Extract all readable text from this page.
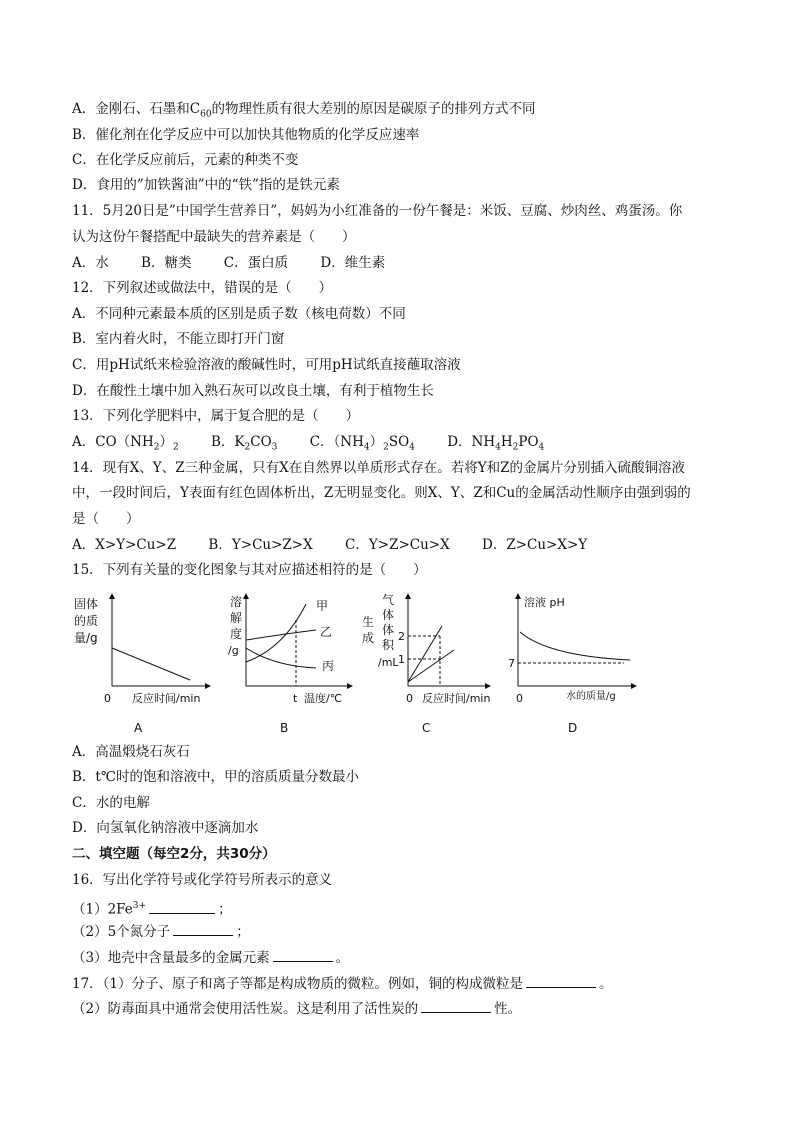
A．金刚石、石墨和$C_{60}$的物理性质有很大差别的原因是碳原子的排列方式不同
B．催化剂在化学反应中可以加快其他物质的化学反应速率
C．在化学反应前后，元素的种类不变
D．食用的”加铁酱油”中的“铁”指的是铁元素
11．5月20日是”中国学生营养日”，妈妈为小红准备的一份午餐是：米饭、豆腐、炒肉丝、鸡蛋汤。你
认为这份午餐搭配中最缺失的营养素是（　　）
A．水 B．糖类 C．蛋白质 D．维生素
12．下列叙述或做法中，错误的是（　　）
A．不同种元素最本质的区别是质子数（核电荷数）不同
B．室内着火时，不能立即打开门窗
C．用pH试纸来检验溶液的酸碱性时，可用pH试纸直接蘸取溶液
D．在酸性土壤中加入熟石灰可以改良土壤，有利于植物生长
13．下列化学肥料中，属于复合肥的是（　　）
A．$CO(NH_2)_2$ B．$K_2CO_3$ C．$(NH_4)_2SO_4$ D．$NH_4H_2PO_4$
14．现有X、Y、Z三种金属，只有X在自然界以单质形式存在。若将Y和Z的金属片分别插入硫酸铜溶液
中，一段时间后，Y表面有红色固体析出，Z无明显变化。则X、Y、Z和Cu的金属活动性顺序由强到弱的
是（　　）
A．X>Y>Cu>Z B．Y>Cu>Z>X C．Y>Z>Cu>X D．Z>Cu>X>Y
15．下列有关量的变化图象与其对应描述相符的是（　　）
固体
的质
量/g
0 反应时间/min
A
溶
解
度
/g
甲
乙
丙
t 温度/℃
B
气
体
体
积
/mL
生
成 2
1
0 反应时间/min
C
溶液 pH
7
0	水的质量/g
D
A．高温煅烧石灰石
B．t℃时的饱和溶液中，甲的溶质质量分数最小
C．水的电解
D．向氢氧化钠溶液中逐滴加水
二、填空题（每空2分，共30分）
16．写出化学符号或化学符号所表示的意义
$(1)2Fe^{3+}$	；
（2）5个氮分子	；
（3）地壳中含量最多的金属元素	。
17．（1）分子、原子和离子等都是构成物质的微粒。例如，铜的构成微粒是	。
（2）防毒面具中通常会使用活性炭。这是利用了活性炭的	性。
